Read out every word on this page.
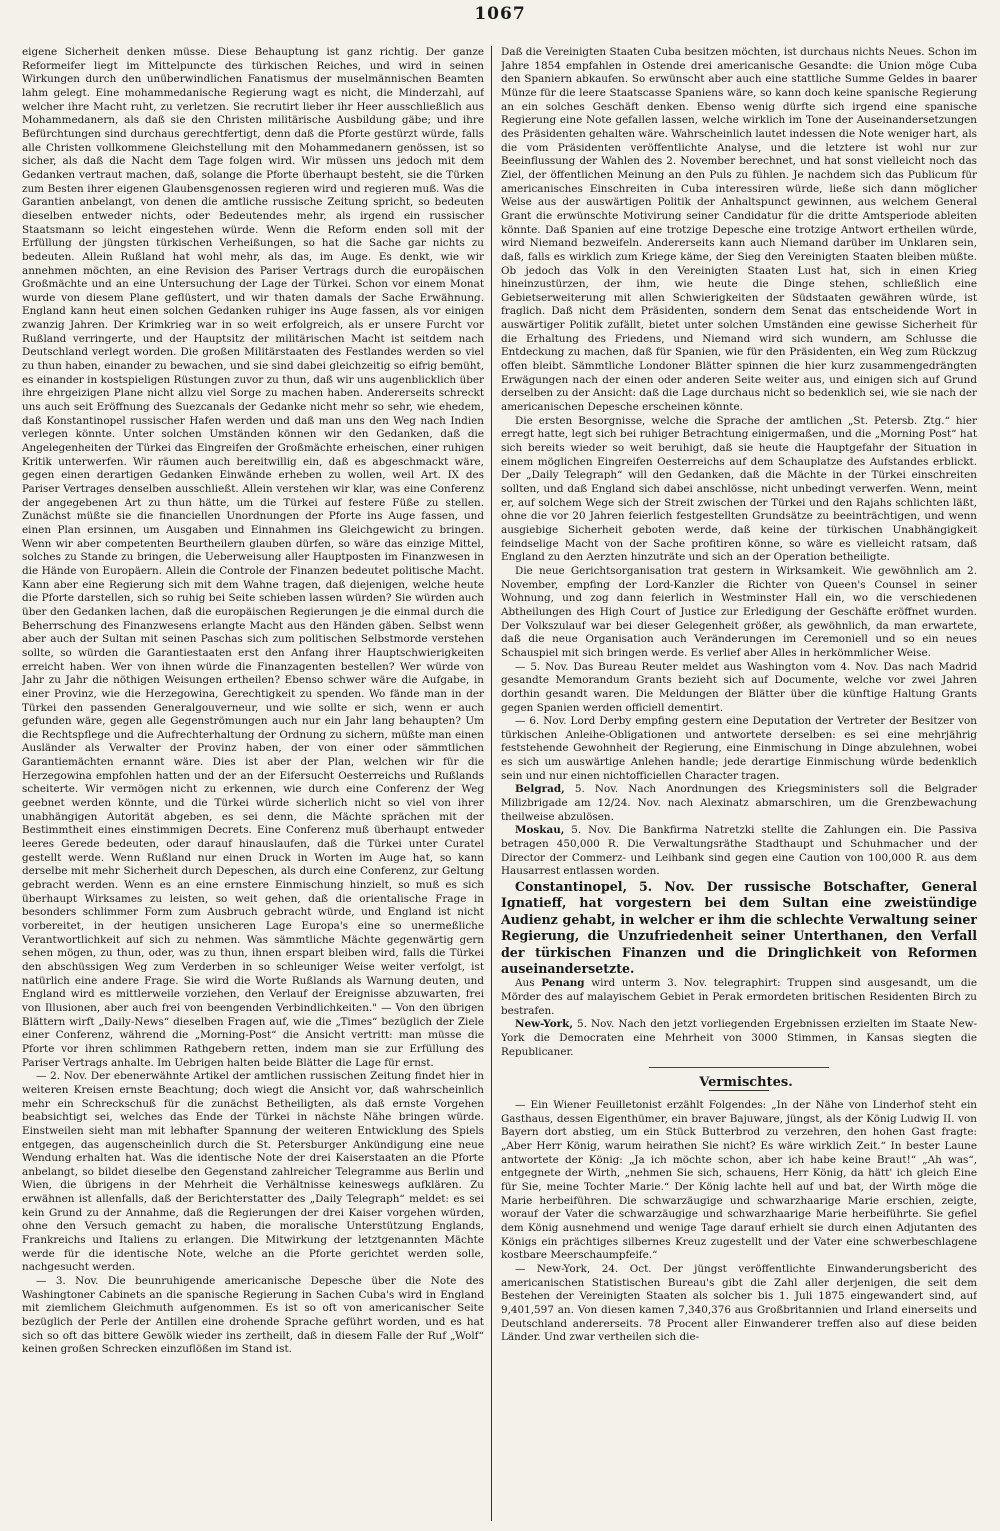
1067

eigene Sicherheit denken müsse. Diese Behauptung ist ganz richtig. Der ganze Reformeifer liegt im Mittelpuncte des türkischen Reiches, und wird in seinen Wirkungen durch den unüberwindlichen Fanatismus der muselmännischen Beamten lahm gelegt. Eine mohammedanische Regierung wagt es nicht, die Minderzahl, auf welcher ihre Macht ruht, zu verletzen. Sie recrutirt lieber ihr Heer ausschließlich aus Mohammedanern, als daß sie den Christen militärische Ausbildung gäbe; und ihre Befürchtungen sind durchaus gerechtfertigt, denn daß die Pforte gestürzt würde, falls alle Christen vollkommene Gleichstellung mit den Mohammedanern genössen, ist so sicher, als daß die Nacht dem Tage folgen wird. Wir müssen uns jedoch mit dem Gedanken vertraut machen, daß, solange die Pforte überhaupt besteht, sie die Türken zum Besten ihrer eigenen Glaubensgenossen regieren wird und regieren muß. Was die Garantien anbelangt, von denen die amtliche russische Zeitung spricht, so bedeuten dieselben entweder nichts, oder Bedeutendes mehr, als irgend ein russischer Staatsmann so leicht eingestehen würde. Wenn die Reform enden soll mit der Erfüllung der jüngsten türkischen Verheißungen, so hat die Sache gar nichts zu bedeuten. Allein Rußland hat wohl mehr, als das, im Auge. Es denkt, wie wir annehmen möchten, an eine Revision des Pariser Vertrags durch die europäischen Großmächte und an eine Untersuchung der Lage der Türkei. Schon vor einem Monat wurde von diesem Plane geflüstert, und wir thaten damals der Sache Erwähnung. England kann heut einen solchen Gedanken ruhiger ins Auge fassen, als vor einigen zwanzig Jahren. Der Krimkrieg war in so weit erfolgreich, als er unsere Furcht vor Rußland verringerte, und der Hauptsitz der militärischen Macht ist seitdem nach Deutschland verlegt worden. Die großen Militärstaaten des Festlandes werden so viel zu thun haben, einander zu bewachen, und sie sind dabei gleichzeitig so eifrig bemüht, es einander in kostspieligen Rüstungen zuvor zu thun, daß wir uns augenblicklich über ihre ehrgeizigen Plane nicht allzu viel Sorge zu machen haben. Andererseits schreckt uns auch seit Eröffnung des Suezcanals der Gedanke nicht mehr so sehr, wie ehedem, daß Konstantinopel russischer Hafen werden und daß man uns den Weg nach Indien verlegen könnte. Unter solchen Umständen können wir den Gedanken, daß die Angelegenheiten der Türkei das Eingreifen der Großmächte erheischen, einer ruhigen Kritik unterwerfen. Wir räumen auch bereitwillig ein, daß es abgeschmackt wäre, gegen einen derartigen Gedanken Einwände erheben zu wollen, weil Art. IX des Pariser Vertrages denselben ausschließt. Allein verstehen wir klar, was eine Conferenz der angegebenen Art zu thun hätte, um die Türkei auf festere Füße zu stellen. Zunächst müßte sie die financiellen Unordnungen der Pforte ins Auge fassen, und einen Plan ersinnen, um Ausgaben und Einnahmen ins Gleichgewicht zu bringen. Wenn wir aber competenten Beurtheilern glauben dürfen, so wäre das einzige Mittel, solches zu Stande zu bringen, die Ueberweisung aller Hauptposten im Finanzwesen in die Hände von Europäern. Allein die Controle der Finanzen bedeutet politische Macht. Kann aber eine Regierung sich mit dem Wahne tragen, daß diejenigen, welche heute die Pforte darstellen, sich so ruhig bei Seite schieben lassen würden? Sie würden auch über den Gedanken lachen, daß die europäischen Regierungen je die einmal durch die Beherrschung des Finanzwesens erlangte Macht aus den Händen gäben. Selbst wenn aber auch der Sultan mit seinen Paschas sich zum politischen Selbstmorde verstehen sollte, so würden die Garantiestaaten erst den Anfang ihrer Hauptschwierigkeiten erreicht haben. Wer von ihnen würde die Finanzagenten bestellen? Wer würde von Jahr zu Jahr die nöthigen Weisungen ertheilen? Ebenso schwer wäre die Aufgabe, in einer Provinz, wie die Herzegowina, Gerechtigkeit zu spenden. Wo fände man in der Türkei den passenden Generalgouverneur, und wie sollte er sich, wenn er auch gefunden wäre, gegen alle Gegenströmungen auch nur ein Jahr lang behaupten? Um die Rechtspflege und die Aufrechterhaltung der Ordnung zu sichern, müßte man einen Ausländer als Verwalter der Provinz haben, der von einer oder sämmtlichen Garantiemächten ernannt wäre. Dies ist aber der Plan, welchen wir für die Herzegowina empfohlen hatten und der an der Eifersucht Oesterreichs und Rußlands scheiterte. Wir vermögen nicht zu erkennen, wie durch eine Conferenz der Weg geebnet werden könnte, und die Türkei würde sicherlich nicht so viel von ihrer unabhängigen Autorität abgeben, es sei denn, die Mächte sprächen mit der Bestimmtheit eines einstimmigen Decrets. Eine Conferenz muß überhaupt entweder leeres Gerede bedeuten, oder darauf hinauslaufen, daß die Türkei unter Curatel gestellt werde. Wenn Rußland nur einen Druck in Worten im Auge hat, so kann derselbe mit mehr Sicherheit durch Depeschen, als durch eine Conferenz, zur Geltung gebracht werden. Wenn es an eine ernstere Einmischung hinzielt, so muß es sich überhaupt Wirksames zu leisten, so weit gehen, daß die orientalische Frage in besonders schlimmer Form zum Ausbruch gebracht würde, und England ist nicht vorbereitet, in der heutigen unsicheren Lage Europa's eine so unermeßliche Verantwortlichkeit auf sich zu nehmen. Was sämmtliche Mächte gegenwärtig gern sehen mögen, zu thun, oder, was zu thun, ihnen erspart bleiben wird, falls die Türkei den abschüssigen Weg zum Verderben in so schleuniger Weise weiter verfolgt, ist natürlich eine andere Frage. Sie wird die Worte Rußlands als Warnung deuten, und England wird es mittlerweile vorziehen, den Verlauf der Ereignisse abzuwarten, frei von Illusionen, aber auch frei von beengenden Verbindlichkeiten." — Von den übrigen Blättern wirft „Daily-News“ dieselben Fragen auf, wie die „Times“ bezüglich der Ziele einer Conferenz, während die „Morning-Post“ die Ansicht vertritt: man müsse die Pforte vor ihren schlimmen Rathgebern retten, indem man sie zur Erfüllung des Pariser Vertrags anhalte. Im Uebrigen halten beide Blätter die Lage für ernst.

— 2. Nov. Der ebenerwähnte Artikel der amtlichen russischen Zeitung findet hier in weiteren Kreisen ernste Beachtung; doch wiegt die Ansicht vor, daß wahrscheinlich mehr ein Schreckschuß für die zunächst Betheiligten, als daß ernste Vorgehen beabsichtigt sei, welches das Ende der Türkei in nächste Nähe bringen würde. Einstweilen sieht man mit lebhafter Spannung der weiteren Entwicklung des Spiels entgegen, das augenscheinlich durch die St. Petersburger Ankündigung eine neue Wendung erhalten hat. Was die identische Note der drei Kaiserstaaten an die Pforte anbelangt, so bildet dieselbe den Gegenstand zahlreicher Telegramme aus Berlin und Wien, die übrigens in der Mehrheit die Verhältnisse keineswegs aufklären. Zu erwähnen ist allenfalls, daß der Berichterstatter des „Daily Telegraph“ meldet: es sei kein Grund zu der Annahme, daß die Regierungen der drei Kaiser vorgehen würden, ohne den Versuch gemacht zu haben, die moralische Unterstützung Englands, Frankreichs und Italiens zu erlangen. Die Mitwirkung der letztgenannten Mächte werde für die identische Note, welche an die Pforte gerichtet werden solle, nachgesucht werden.

— 3. Nov. Die beunruhigende americanische Depesche über die Note des Washingtoner Cabinets an die spanische Regierung in Sachen Cuba's wird in England mit ziemlichem Gleichmuth aufgenommen. Es ist so oft von americanischer Seite bezüglich der Perle der Antillen eine drohende Sprache geführt worden, und es hat sich so oft das bittere Gewölk wieder ins zertheilt, daß in diesem Falle der Ruf „Wolf“ keinen großen Schrecken einzuflößen im Stand ist.

Daß die Vereinigten Staaten Cuba besitzen möchten, ist durchaus nichts Neues. Schon im Jahre 1854 empfahlen in Ostende drei americanische Gesandte: die Union möge Cuba den Spaniern abkaufen. So erwünscht aber auch eine stattliche Summe Geldes in baarer Münze für die leere Staatscasse Spaniens wäre, so kann doch keine spanische Regierung an ein solches Geschäft denken. Ebenso wenig dürfte sich irgend eine spanische Regierung eine Note gefallen lassen, welche wirklich im Tone der Auseinandersetzungen des Präsidenten gehalten wäre. Wahrscheinlich lautet indessen die Note weniger hart, als die vom Präsidenten veröffentlichte Analyse, und die letztere ist wohl nur zur Beeinflussung der Wahlen des 2. November berechnet, und hat sonst vielleicht noch das Ziel, der öffentlichen Meinung an den Puls zu fühlen. Je nachdem sich das Publicum für americanisches Einschreiten in Cuba interessiren würde, ließe sich dann möglicher Weise aus der auswärtigen Politik der Anhaltspunct gewinnen, aus welchem General Grant die erwünschte Motivirung seiner Candidatur für die dritte Amtsperiode ableiten könnte. Daß Spanien auf eine trotzige Depesche eine trotzige Antwort ertheilen würde, wird Niemand bezweifeln. Andererseits kann auch Niemand darüber im Unklaren sein, daß, falls es wirklich zum Kriege käme, der Sieg den Vereinigten Staaten bleiben müßte. Ob jedoch das Volk in den Vereinigten Staaten Lust hat, sich in einen Krieg hineinzustürzen, der ihm, wie heute die Dinge stehen, schließlich eine Gebietserweiterung mit allen Schwierigkeiten der Südstaaten gewähren würde, ist fraglich. Daß nicht dem Präsidenten, sondern dem Senat das entscheidende Wort in auswärtiger Politik zufällt, bietet unter solchen Umständen eine gewisse Sicherheit für die Erhaltung des Friedens, und Niemand wird sich wundern, am Schlusse die Entdeckung zu machen, daß für Spanien, wie für den Präsidenten, ein Weg zum Rückzug offen bleibt. Sämmtliche Londoner Blätter spinnen die hier kurz zusammengedrängten Erwägungen nach der einen oder anderen Seite weiter aus, und einigen sich auf Grund derselben zu der Ansicht: daß die Lage durchaus nicht so bedenklich sei, wie sie nach der americanischen Depesche erscheinen könnte.

Die ersten Besorgnisse, welche die Sprache der amtlichen „St. Petersb. Ztg.“ hier erregt hatte, legt sich bei ruhiger Betrachtung einigermaßen, und die „Morning Post“ hat sich bereits wieder so weit beruhigt, daß sie heute die Hauptgefahr der Situation in einem möglichen Eingreifen Oesterreichs auf dem Schauplatze des Aufstandes erblickt. Der „Daily Telegraph“ will den Gedanken, daß die Mächte in der Türkei einschreiten sollten, und daß England sich dabei anschlösse, nicht unbedingt verwerfen. Wenn, meint er, auf solchem Wege sich der Streit zwischen der Türkei und den Rajahs schlichten läßt, ohne die vor 20 Jahren feierlich festgestellten Grundsätze zu beeinträchtigen, und wenn ausgiebige Sicherheit geboten werde, daß keine der türkischen Unabhängigkeit feindselige Macht von der Sache profitiren könne, so wäre es vielleicht ratsam, daß England zu den Aerzten hinzuträte und sich an der Operation betheiligte.

Die neue Gerichtsorganisation trat gestern in Wirksamkeit. Wie gewöhnlich am 2. November, empfing der Lord-Kanzler die Richter von Queen's Counsel in seiner Wohnung, und zog dann feierlich in Westminster Hall ein, wo die verschiedenen Abtheilungen des High Court of Justice zur Erledigung der Geschäfte eröffnet wurden. Der Volkszulauf war bei dieser Gelegenheit größer, als gewöhnlich, da man erwartete, daß die neue Organisation auch Veränderungen im Ceremoniell und so ein neues Schauspiel mit sich bringen werde. Es verlief aber Alles in herkömmlicher Weise.

— 5. Nov. Das Bureau Reuter meldet aus Washington vom 4. Nov. Das nach Madrid gesandte Memorandum Grants bezieht sich auf Documente, welche vor zwei Jahren dorthin gesandt waren. Die Meldungen der Blätter über die künftige Haltung Grants gegen Spanien werden officiell dementirt.

— 6. Nov. Lord Derby empfing gestern eine Deputation der Vertreter der Besitzer von türkischen Anleihe-Obligationen und antwortete derselben: es sei eine mehrjährig feststehende Gewohnheit der Regierung, eine Einmischung in Dinge abzulehnen, wobei es sich um auswärtige Anlehen handle; jede derartige Einmischung würde bedenklich sein und nur einen nichtofficiellen Character tragen.

Belgrad, 5. Nov. Nach Anordnungen des Kriegsministers soll die Belgrader Milizbrigade am 12/24. Nov. nach Alexinatz abmarschiren, um die Grenzbewachung theilweise abzulösen.

Moskau, 5. Nov. Die Bankfirma Natretzki stellte die Zahlungen ein. Die Passiva betragen 450,000 R. Die Verwaltungsräthe Stadthaupt und Schuhmacher und der Director der Commerz- und Leihbank sind gegen eine Caution von 100,000 R. aus dem Hausarrest entlassen worden.

Constantinopel, 5. Nov. Der russische Botschafter, General Ignatieff, hat vorgestern bei dem Sultan eine zweistündige Audienz gehabt, in welcher er ihm die schlechte Verwaltung seiner Regierung, die Unzufriedenheit seiner Unterthanen, den Verfall der türkischen Finanzen und die Dringlichkeit von Reformen auseinandersetzte.

Aus Penang wird unterm 3. Nov. telegraphirt: Truppen sind ausgesandt, um die Mörder des auf malayischem Gebiet in Perak ermordeten britischen Residenten Birch zu bestrafen.

New-York, 5. Nov. Nach den jetzt vorliegenden Ergebnissen erzielten im Staate New-York die Democraten eine Mehrheit von 3000 Stimmen, in Kansas siegten die Republicaner.

Vermischtes.

— Ein Wiener Feuilletonist erzählt Folgendes: „In der Nähe von Linderhof steht ein Gasthaus, dessen Eigenthümer, ein braver Bajuware, jüngst, als der König Ludwig II. von Bayern dort abstieg, um ein Stück Butterbrod zu verzehren, den hohen Gast fragte: „Aber Herr König, warum heirathen Sie nicht? Es wäre wirklich Zeit.“ In bester Laune antwortete der König: „Ja ich möchte schon, aber ich habe keine Braut!“ „Ah was“, entgegnete der Wirth, „nehmen Sie sich, schauens, Herr König, da hätt' ich gleich Eine für Sie, meine Tochter Marie.“ Der König lachte hell auf und bat, der Wirth möge die Marie herbeiführen. Die schwarzäugige und schwarzhaarige Marie erschien, zeigte, worauf der Vater die schwarzäugige und schwarzhaarige Marie herbeiführte. Sie gefiel dem König ausnehmend und wenige Tage darauf erhielt sie durch einen Adjutanten des Königs ein prächtiges silbernes Kreuz zugestellt und der Vater eine schwerbeschlagene kostbare Meerschaumpfeife.“

— New-York, 24. Oct. Der jüngst veröffentlichte Einwanderungsbericht des americanischen Statistischen Bureau's gibt die Zahl aller derjenigen, die seit dem Bestehen der Vereinigten Staaten als solcher bis 1. Juli 1875 eingewandert sind, auf 9,401,597 an. Von diesen kamen 7,340,376 aus Großbritannien und Irland einerseits und Deutschland andererseits. 78 Procent aller Einwanderer treffen also auf diese beiden Länder. Und zwar vertheilen sich die-
